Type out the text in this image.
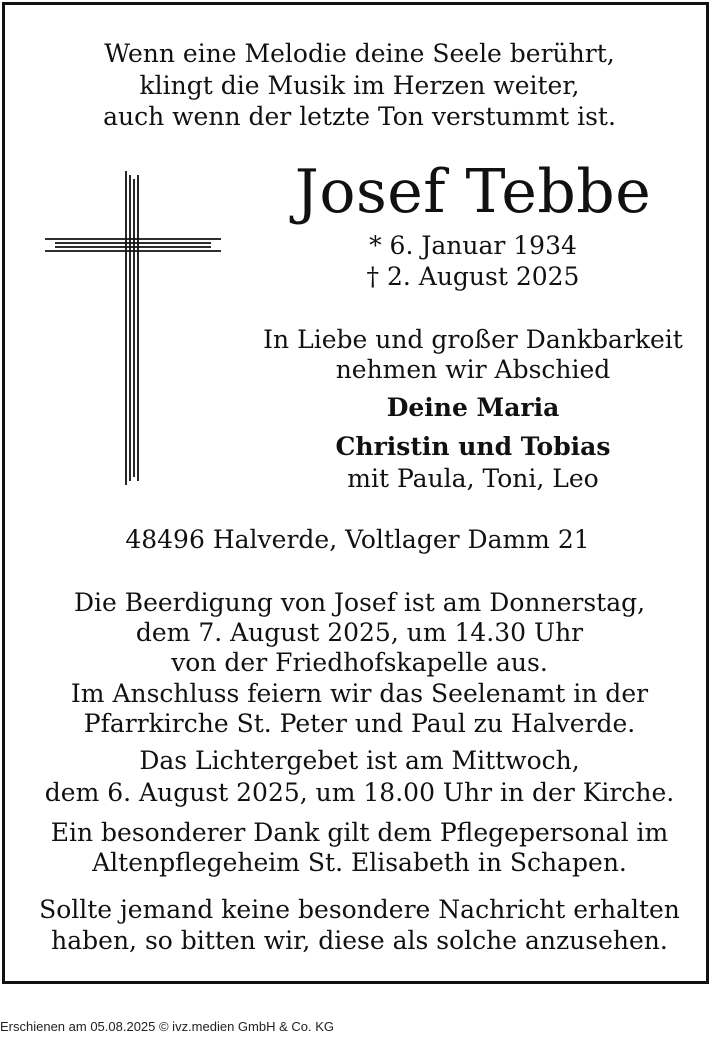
Wenn eine Melodie deine Seele berührt,
klingt die Musik im Herzen weiter,
auch wenn der letzte Ton verstummt ist.
Josef Tebbe
* 6. Januar 1934
† 2. August 2025
In Liebe und großer Dankbarkeit
nehmen wir Abschied
Deine Maria
Christin und Tobias
mit Paula, Toni, Leo
48496 Halverde, Voltlager Damm 21
Die Beerdigung von Josef ist am Donnerstag,
dem 7. August 2025, um 14.30 Uhr
von der Friedhofskapelle aus.
Im Anschluss feiern wir das Seelenamt in der
Pfarrkirche St. Peter und Paul zu Halverde.
Das Lichtergebet ist am Mittwoch,
dem 6. August 2025, um 18.00 Uhr in der Kirche.
Ein besonderer Dank gilt dem Pflegepersonal im
Altenpflegeheim St. Elisabeth in Schapen.
Sollte jemand keine besondere Nachricht erhalten
haben, so bitten wir, diese als solche anzusehen.
Erschienen am 05.08.2025 © ivz.medien GmbH & Co. KG
